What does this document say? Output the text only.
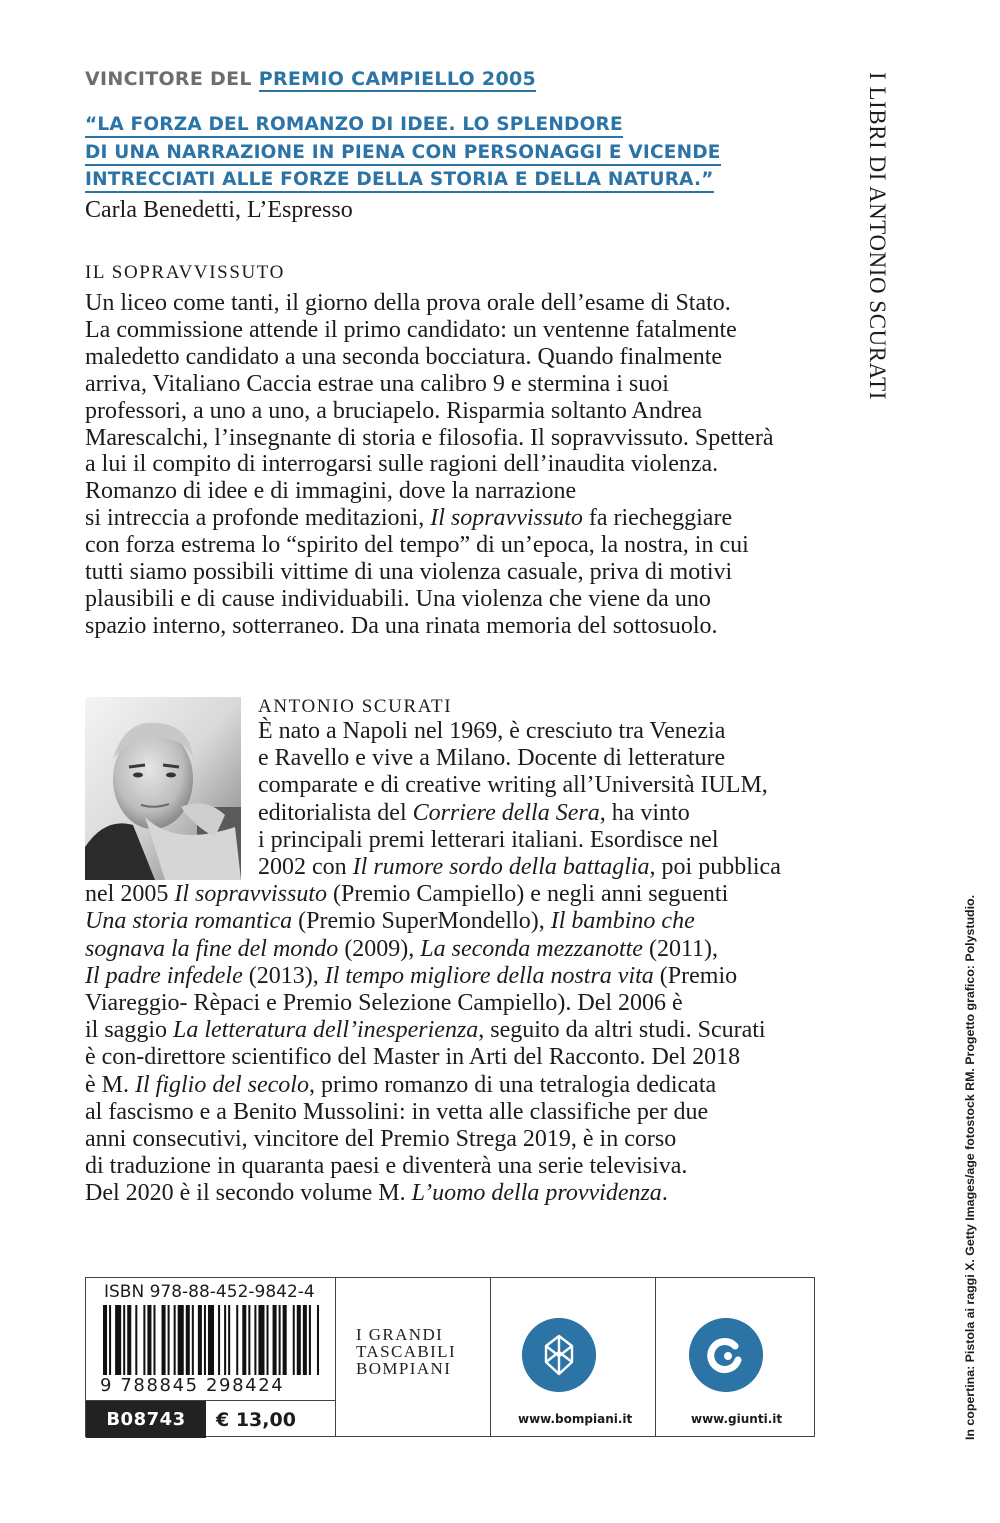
VINCITORE DEL PREMIO CAMPIELLO 2005
“LA FORZA DEL ROMANZO DI IDEE. LO SPLENDORE
DI UNA NARRAZIONE IN PIENA CON PERSONAGGI E VICENDE
INTRECCIATI ALLE FORZE DELLA STORIA E DELLA NATURA.”
Carla Benedetti, L’Espresso
IL SOPRAVVISSUTO
Un liceo come tanti, il giorno della prova orale dell’esame di Stato.
La commissione attende il primo candidato: un ventenne fatalmente
maledetto candidato a una seconda bocciatura. Quando finalmente
arriva, Vitaliano Caccia estrae una calibro 9 e stermina i suoi
professori, a uno a uno, a bruciapelo. Risparmia soltanto Andrea
Marescalchi, l’insegnante di storia e filosofia. Il sopravvissuto. Spetterà
a lui il compito di interrogarsi sulle ragioni dell’inaudita violenza.
Romanzo di idee e di immagini, dove la narrazione
si intreccia a profonde meditazioni, Il sopravvissuto fa riecheggiare
con forza estrema lo “spirito del tempo” di un’epoca, la nostra, in cui
tutti siamo possibili vittime di una violenza casuale, priva di motivi
plausibili e di cause individuabili. Una violenza che viene da uno
spazio interno, sotterraneo. Da una rinata memoria del sottosuolo.
ANTONIO SCURATI
È nato a Napoli nel 1969, è cresciuto tra Venezia
e Ravello e vive a Milano. Docente di letterature
comparate e di creative writing all’Università IULM,
editorialista del Corriere della Sera, ha vinto
i principali premi letterari italiani. Esordisce nel
2002 con Il rumore sordo della battaglia, poi pubblica
nel 2005 Il sopravvissuto (Premio Campiello) e negli anni seguenti
Una storia romantica (Premio SuperMondello), Il bambino che
sognava la fine del mondo (2009), La seconda mezzanotte (2011),
Il padre infedele (2013), Il tempo migliore della nostra vita (Premio
Viareggio- Rèpaci e Premio Selezione Campiello). Del 2006 è
il saggio La letteratura dell’inesperienza, seguito da altri studi. Scurati
è con-direttore scientifico del Master in Arti del Racconto. Del 2018
è M. Il figlio del secolo, primo romanzo di una tetralogia dedicata
al fascismo e a Benito Mussolini: in vetta alle classifiche per due
anni consecutivi, vincitore del Premio Strega 2019, è in corso
di traduzione in quaranta paesi e diventerà una serie televisiva.
Del 2020 è il secondo volume M. L’uomo della provvidenza.
ISBN 978-88-452-9842-4
9 788845 298424
B08743	€ 13,00
I GRANDI
TASCABILI
BOMPIANI
www.bompiani.it	www.giunti.it
I LIBRI DI ANTONIO SCURATI
In copertina: Pistola ai raggi X. Getty Images/age fotostock RM. Progetto grafico: Polystudio.
